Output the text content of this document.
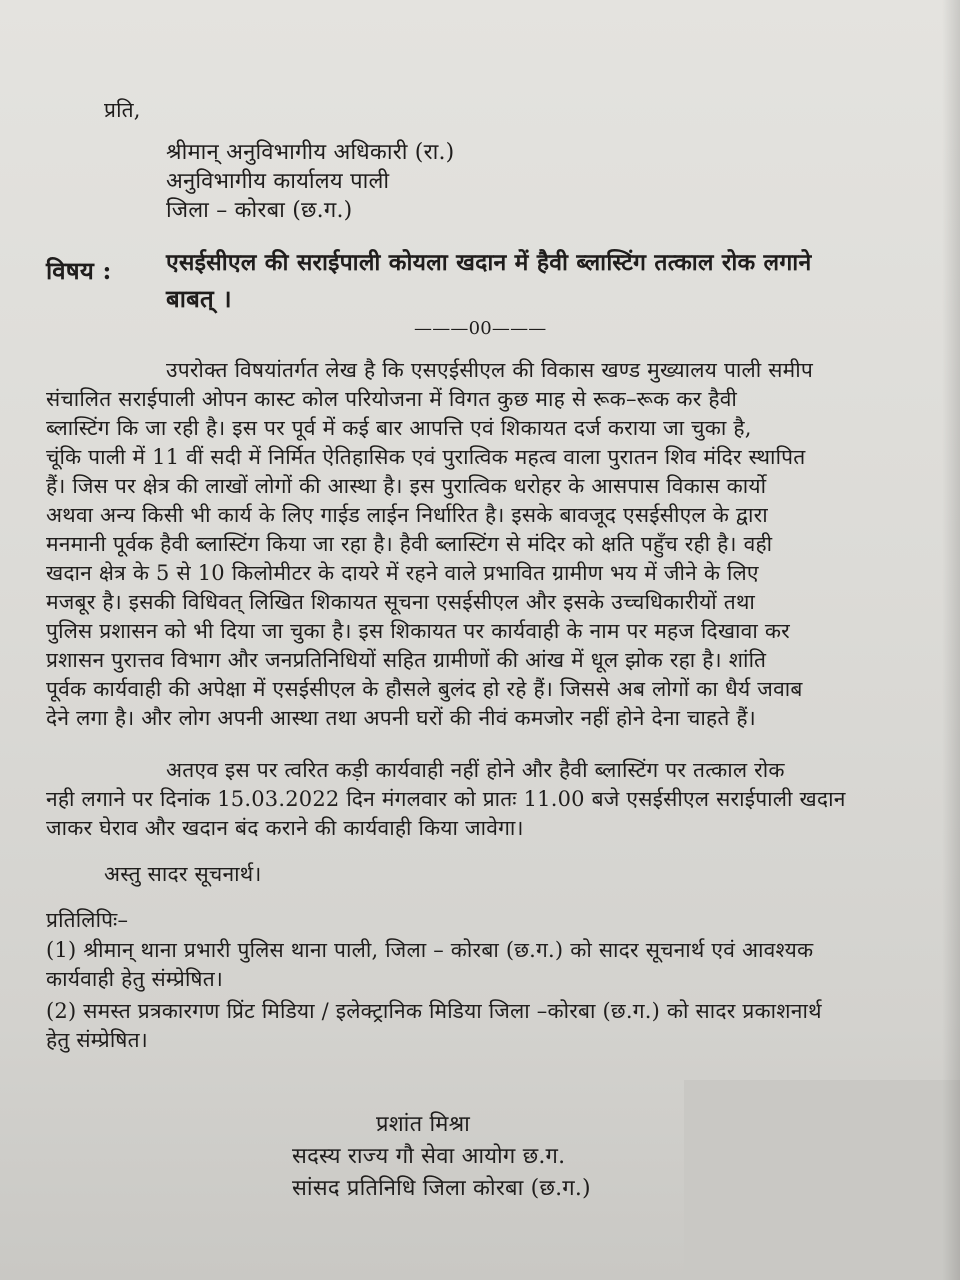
प्रति,
श्रीमान् अनुविभागीय अधिकारी (रा.)
अनुविभागीय कार्यालय पाली
जिला – कोरबा (छ.ग.)
विषय : एसईसीएल की सराईपाली कोयला खदान में हैवी ब्लास्टिंग तत्काल रोक लगाने
बाबत् ।
———00———
उपरोक्त विषयांतर्गत लेख है कि एसएईसीएल की विकास खण्ड मुख्यालय पाली समीप
संचालित सराईपाली ओपन कास्ट कोल परियोजना में विगत कुछ माह से रूक–रूक कर हैवी
ब्लास्टिंग कि जा रही है। इस पर पूर्व में कई बार आपत्ति एवं शिकायत दर्ज कराया जा चुका है,
चूंकि पाली में 11 वीं सदी में निर्मित ऐतिहासिक एवं पुरात्विक महत्व वाला पुरातन शिव मंदिर स्थापित
हैं। जिस पर क्षेत्र की लाखों लोगों की आस्था है। इस पुरात्विक धरोहर के आसपास विकास कार्यो
अथवा अन्य किसी भी कार्य के लिए गाईड लाईन निर्धारित है। इसके बावजूद एसईसीएल के द्वारा
मनमानी पूर्वक हैवी ब्लास्टिंग किया जा रहा है। हैवी ब्लास्टिंग से मंदिर को क्षति पहुँच रही है। वही
खदान क्षेत्र के 5 से 10 किलोमीटर के दायरे में रहने वाले प्रभावित ग्रामीण भय में जीने के लिए
मजबूर है। इसकी विधिवत् लिखित शिकायत सूचना एसईसीएल और इसके उच्चधिकारीयों तथा
पुलिस प्रशासन को भी दिया जा चुका है। इस शिकायत पर कार्यवाही के नाम पर महज दिखावा कर
प्रशासन पुरात्तव विभाग और जनप्रतिनिधियों सहित ग्रामीणों की आंख में धूल झोक रहा है। शांति
पूर्वक कार्यवाही की अपेक्षा में एसईसीएल के हौसले बुलंद हो रहे हैं। जिससे अब लोगों का धैर्य जवाब
देने लगा है। और लोग अपनी आस्था तथा अपनी घरों की नीवं कमजोर नहीं होने देना चाहते हैं।
अतएव इस पर त्वरित कड़ी कार्यवाही नहीं होने और हैवी ब्लास्टिंग पर तत्काल रोक
नही लगाने पर दिनांक 15.03.2022 दिन मंगलवार को प्रातः 11.00 बजे एसईसीएल सराईपाली खदान
जाकर घेराव और खदान बंद कराने की कार्यवाही किया जावेगा।
अस्तु सादर सूचनार्थ।
प्रतिलिपिः–
(1) श्रीमान् थाना प्रभारी पुलिस थाना पाली, जिला – कोरबा (छ.ग.) को सादर सूचनार्थ एवं आवश्यक
कार्यवाही हेतु संम्प्रेषित।
(2) समस्त प्रत्रकारगण प्रिंट मिडिया / इलेक्ट्रानिक मिडिया जिला –कोरबा (छ.ग.) को सादर प्रकाशनार्थ
हेतु संम्प्रेषित।
प्रशांत मिश्रा
सदस्य राज्य गौ सेवा आयोग छ.ग.
सांसद प्रतिनिधि जिला कोरबा (छ.ग.)
